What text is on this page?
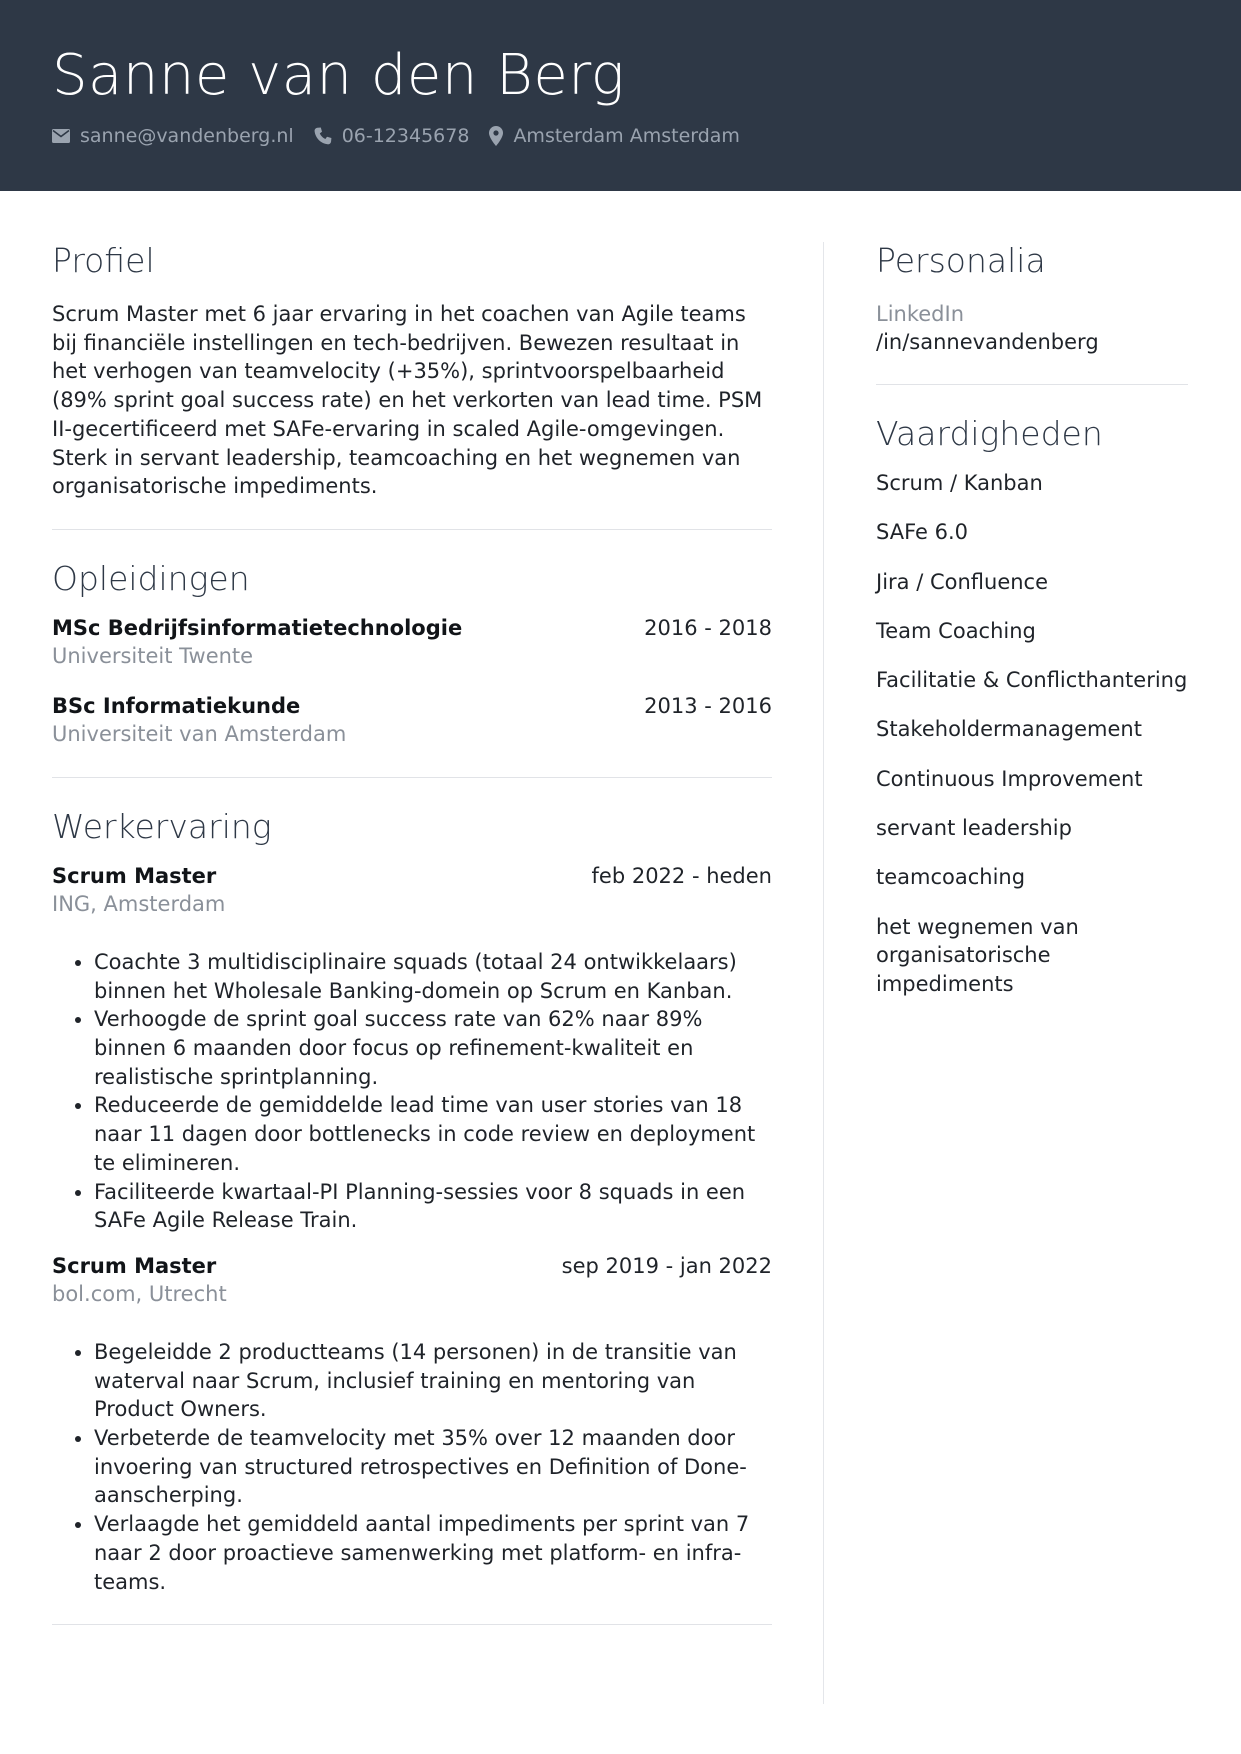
Sanne van den Berg
sanne@vandenberg.nl	06-12345678 Amsterdam Amsterdam
Profiel
Scrum Master met 6 jaar ervaring in het coachen van Agile teams bij financiële instellingen en tech-bedrijven. Bewezen resultaat in het verhogen van teamvelocity (+35%), sprintvoorspelbaarheid (89% sprint goal success rate) en het verkorten van lead time. PSM II-gecertificeerd met SAFe-ervaring in scaled Agile-omgevingen. Sterk in servant leadership, teamcoaching en het wegnemen van organisatorische impediments.
Opleidingen
MSc Bedrijfsinformatietechnologie	2016 - 2018
Universiteit Twente
BSc Informatiekunde	2013 - 2016
Universiteit van Amsterdam
Werkervaring
Scrum Master	feb 2022 - heden
ING, Amsterdam
• Coachte 3 multidisciplinaire squads (totaal 24 ontwikkelaars) binnen het Wholesale Banking-domein op Scrum en Kanban.
• Verhoogde de sprint goal success rate van 62% naar 89% binnen 6 maanden door focus op refinement-kwaliteit en realistische sprintplanning.
• Reduceerde de gemiddelde lead time van user stories van 18 naar 11 dagen door bottlenecks in code review en deployment te elimineren.
• Faciliteerde kwartaal-PI Planning-sessies voor 8 squads in een SAFe Agile Release Train.
Scrum Master	sep 2019 - jan 2022
bol.com, Utrecht
• Begeleidde 2 productteams (14 personen) in de transitie van waterval naar Scrum, inclusief training en mentoring van Product Owners.
• Verbeterde de teamvelocity met 35% over 12 maanden door invoering van structured retrospectives en Definition of Done-aanscherping.
• Verlaagde het gemiddeld aantal impediments per sprint van 7 naar 2 door proactieve samenwerking met platform- en infra-teams.
Personalia
LinkedIn
/in/sannevandenberg
Vaardigheden
Scrum / Kanban
SAFe 6.0
Jira / Confluence
Team Coaching
Facilitatie & Conflicthantering
Stakeholdermanagement
Continuous Improvement
servant leadership
teamcoaching
het wegnemen van organisatorische impediments
